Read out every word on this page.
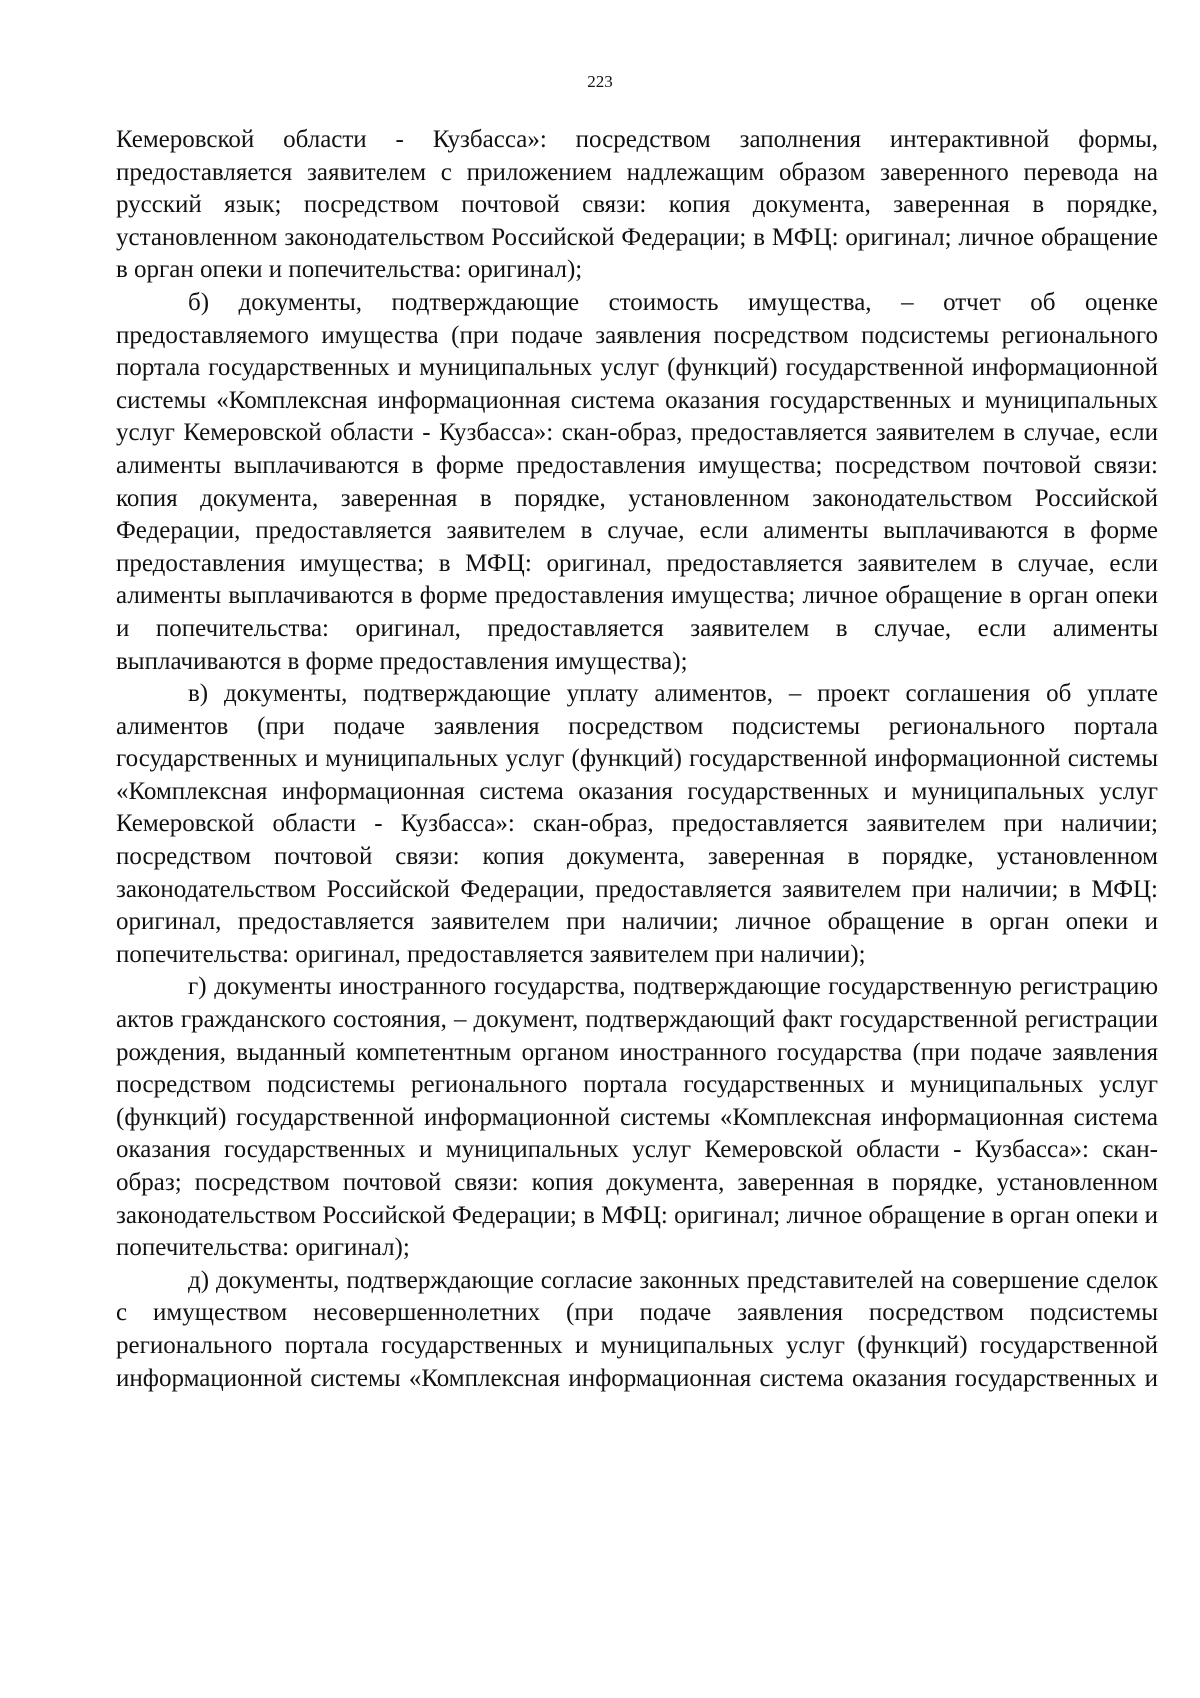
223

Кемеровской области - Кузбасса»: посредством заполнения интерактивной формы, предоставляется заявителем с приложением надлежащим образом заверенного перевода на русский язык; посредством почтовой связи: копия документа, заверенная в порядке, установленном законодательством Российской Федерации; в МФЦ: оригинал; личное обращение в орган опеки и попечительства: оригинал);

б) документы, подтверждающие стоимость имущества, – отчет об оценке предоставляемого имущества (при подаче заявления посредством подсистемы регионального портала государственных и муниципальных услуг (функций) государственной информационной системы «Комплексная информационная система оказания государственных и муниципальных услуг Кемеровской области - Кузбасса»: скан-образ, предоставляется заявителем в случае, если алименты выплачиваются в форме предоставления имущества; посредством почтовой связи: копия документа, заверенная в порядке, установленном законодательством Российской Федерации, предоставляется заявителем в случае, если алименты выплачиваются в форме предоставления имущества; в МФЦ: оригинал, предоставляется заявителем в случае, если алименты выплачиваются в форме предоставления имущества; личное обращение в орган опеки и попечительства: оригинал, предоставляется заявителем в случае, если алименты выплачиваются в форме предоставления имущества);

в) документы, подтверждающие уплату алиментов, – проект соглашения об уплате алиментов (при подаче заявления посредством подсистемы регионального портала государственных и муниципальных услуг (функций) государственной информационной системы «Комплексная информационная система оказания государственных и муниципальных услуг Кемеровской области - Кузбасса»: скан-образ, предоставляется заявителем при наличии; посредством почтовой связи: копия документа, заверенная в порядке, установленном законодательством Российской Федерации, предоставляется заявителем при наличии; в МФЦ: оригинал, предоставляется заявителем при наличии; личное обращение в орган опеки и попечительства: оригинал, предоставляется заявителем при наличии);

г) документы иностранного государства, подтверждающие государственную регистрацию актов гражданского состояния, – документ, подтверждающий факт государственной регистрации рождения, выданный компетентным органом иностранного государства (при подаче заявления посредством подсистемы регионального портала государственных и муниципальных услуг (функций) государственной информационной системы «Комплексная информационная система оказания государственных и муниципальных услуг Кемеровской области - Кузбасса»: скан-образ; посредством почтовой связи: копия документа, заверенная в порядке, установленном законодательством Российской Федерации; в МФЦ: оригинал; личное обращение в орган опеки и попечительства: оригинал);

д) документы, подтверждающие согласие законных представителей на совершение сделок с имуществом несовершеннолетних (при подаче заявления посредством подсистемы регионального портала государственных и муниципальных услуг (функций) государственной информационной системы «Комплексная информационная система оказания государственных и
